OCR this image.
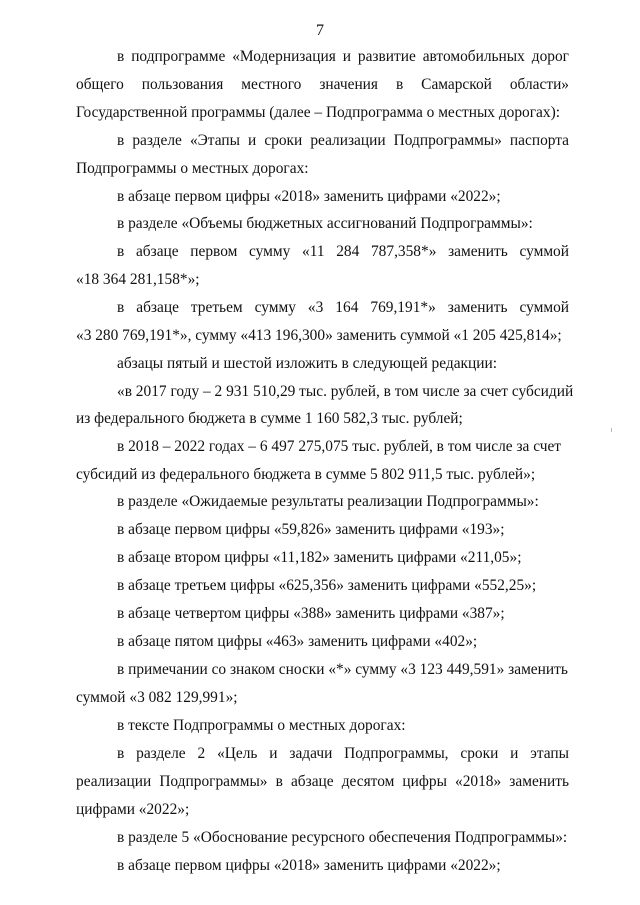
7
в подпрограмме «Модернизация и развитие автомобильных дорог
общего пользования местного значения в Самарской области»
Государственной программы (далее – Подпрограмма о местных дорогах):
в разделе «Этапы и сроки реализации Подпрограммы» паспорта
Подпрограммы о местных дорогах:
в абзаце первом цифры «2018» заменить цифрами «2022»;
в разделе «Объемы бюджетных ассигнований Подпрограммы»:
в абзаце первом сумму «11 284 787,358*» заменить суммой
«18 364 281,158*»;
в абзаце третьем сумму «3 164 769,191*» заменить суммой
«3 280 769,191*», сумму «413 196,300» заменить суммой «1 205 425,814»;
абзацы пятый и шестой изложить в следующей редакции:
«в 2017 году – 2 931 510,29 тыс. рублей, в том числе за счет субсидий
из федерального бюджета в сумме 1 160 582,3 тыс. рублей;
в 2018 – 2022 годах – 6 497 275,075 тыс. рублей, в том числе за счет
субсидий из федерального бюджета в сумме 5 802 911,5 тыс. рублей»;
в разделе «Ожидаемые результаты реализации Подпрограммы»:
в абзаце первом цифры «59,826» заменить цифрами «193»;
в абзаце втором цифры «11,182» заменить цифрами «211,05»;
в абзаце третьем цифры «625,356» заменить цифрами «552,25»;
в абзаце четвертом цифры «388» заменить цифрами «387»;
в абзаце пятом цифры «463» заменить цифрами «402»;
в примечании со знаком сноски «*» сумму «3 123 449,591» заменить
суммой «3 082 129,991»;
в тексте Подпрограммы о местных дорогах:
в разделе 2 «Цель и задачи Подпрограммы, сроки и этапы
реализации Подпрограммы» в абзаце десятом цифры «2018» заменить
цифрами «2022»;
в разделе 5 «Обоснование ресурсного обеспечения Подпрограммы»:
в абзаце первом цифры «2018» заменить цифрами «2022»;
